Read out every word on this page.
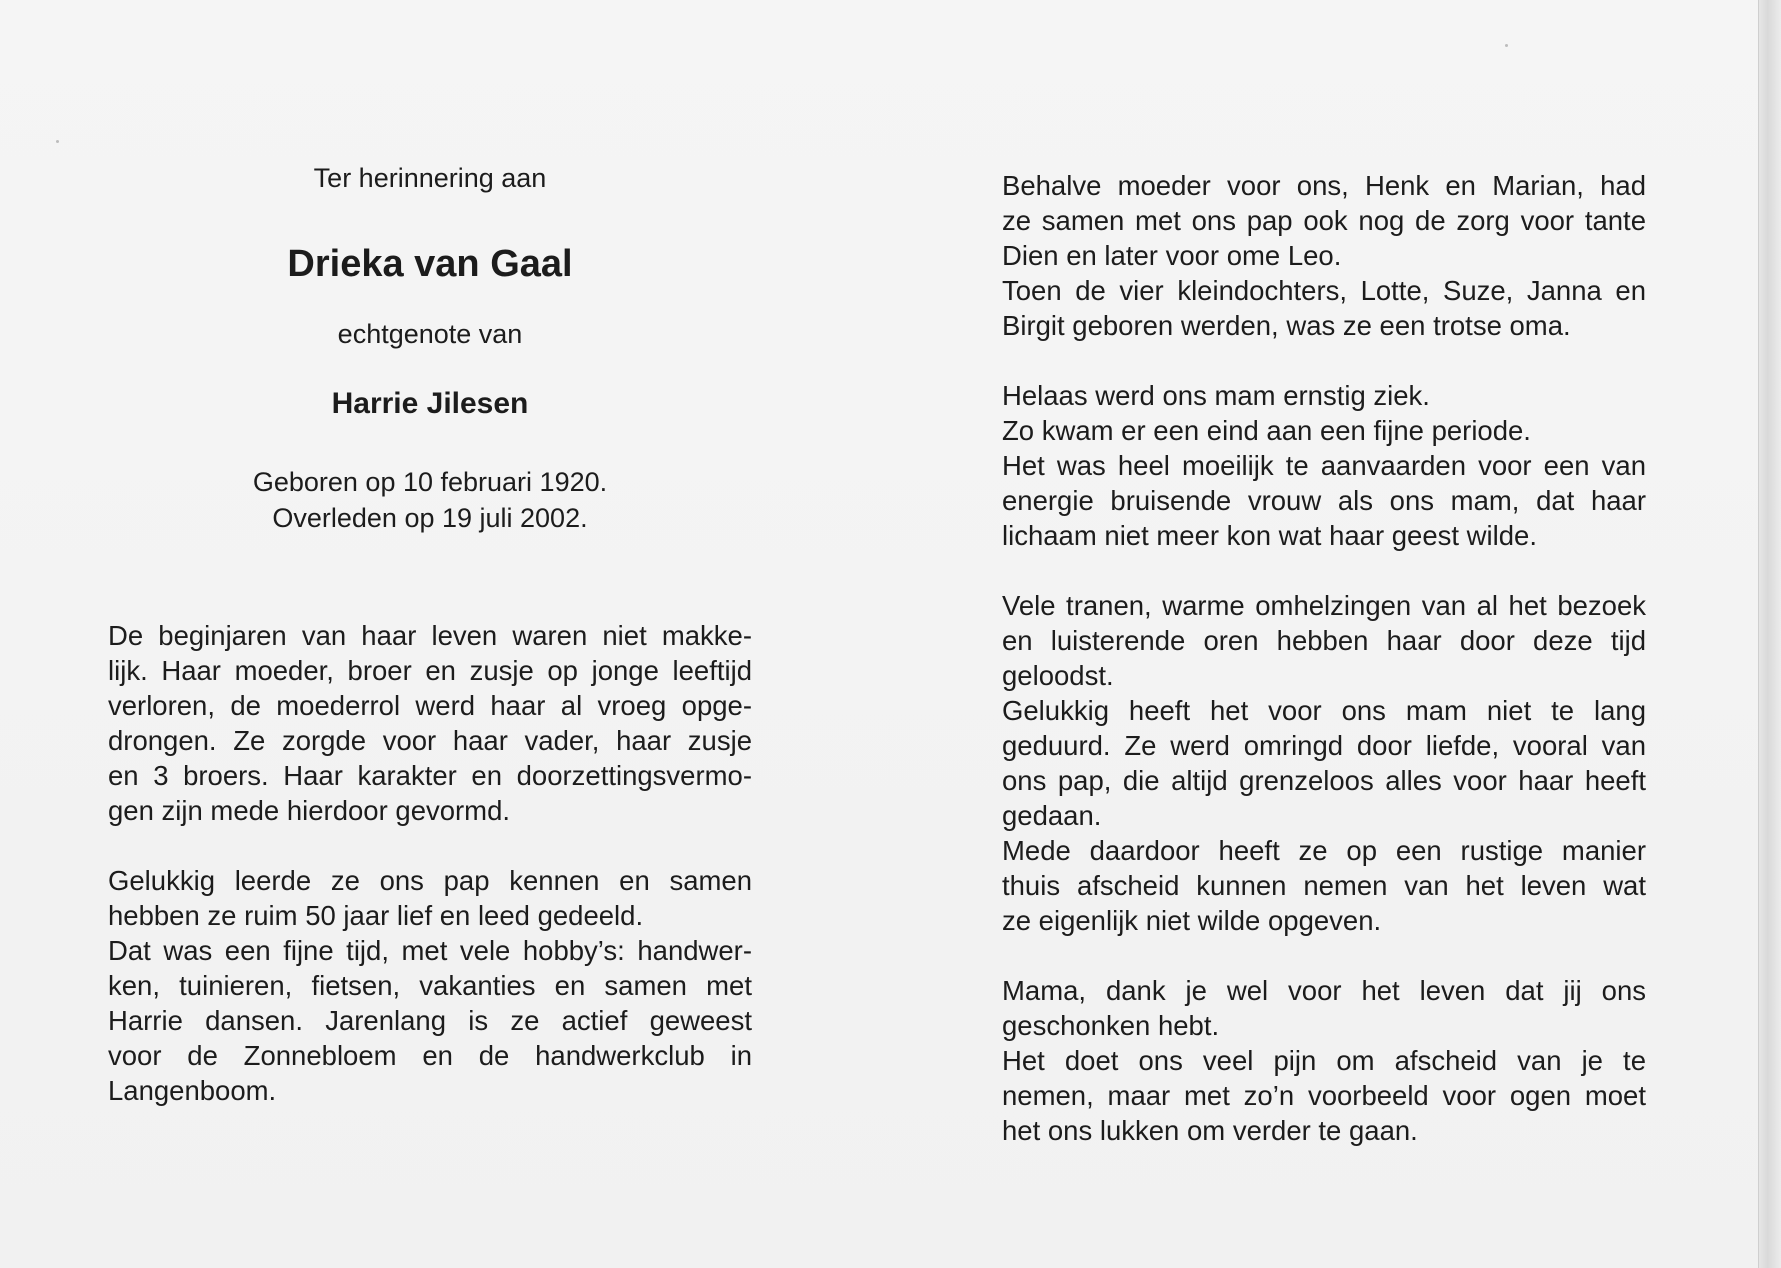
Ter herinnering aan
Drieka van Gaal
echtgenote van
Harrie Jilesen
Geboren op 10 februari 1920.
Overleden op 19 juli 2002.
De beginjaren van haar leven waren niet makke-
lijk. Haar moeder, broer en zusje op jonge leeftijd
verloren, de moederrol werd haar al vroeg opge-
drongen. Ze zorgde voor haar vader, haar zusje
en 3 broers. Haar karakter en doorzettingsvermo-
gen zijn mede hierdoor gevormd.
Gelukkig leerde ze ons pap kennen en samen
hebben ze ruim 50 jaar lief en leed gedeeld.
Dat was een fijne tijd, met vele hobby’s: handwer-
ken, tuinieren, fietsen, vakanties en samen met
Harrie dansen. Jarenlang is ze actief geweest
voor de Zonnebloem en de handwerkclub in
Langenboom.
Behalve moeder voor ons, Henk en Marian, had
ze samen met ons pap ook nog de zorg voor tante
Dien en later voor ome Leo.
Toen de vier kleindochters, Lotte, Suze, Janna en
Birgit geboren werden, was ze een trotse oma.
Helaas werd ons mam ernstig ziek.
Zo kwam er een eind aan een fijne periode.
Het was heel moeilijk te aanvaarden voor een van
energie bruisende vrouw als ons mam, dat haar
lichaam niet meer kon wat haar geest wilde.
Vele tranen, warme omhelzingen van al het bezoek
en luisterende oren hebben haar door deze tijd
geloodst.
Gelukkig heeft het voor ons mam niet te lang
geduurd. Ze werd omringd door liefde, vooral van
ons pap, die altijd grenzeloos alles voor haar heeft
gedaan.
Mede daardoor heeft ze op een rustige manier
thuis afscheid kunnen nemen van het leven wat
ze eigenlijk niet wilde opgeven.
Mama, dank je wel voor het leven dat jij ons
geschonken hebt.
Het doet ons veel pijn om afscheid van je te
nemen, maar met zo’n voorbeeld voor ogen moet
het ons lukken om verder te gaan.
